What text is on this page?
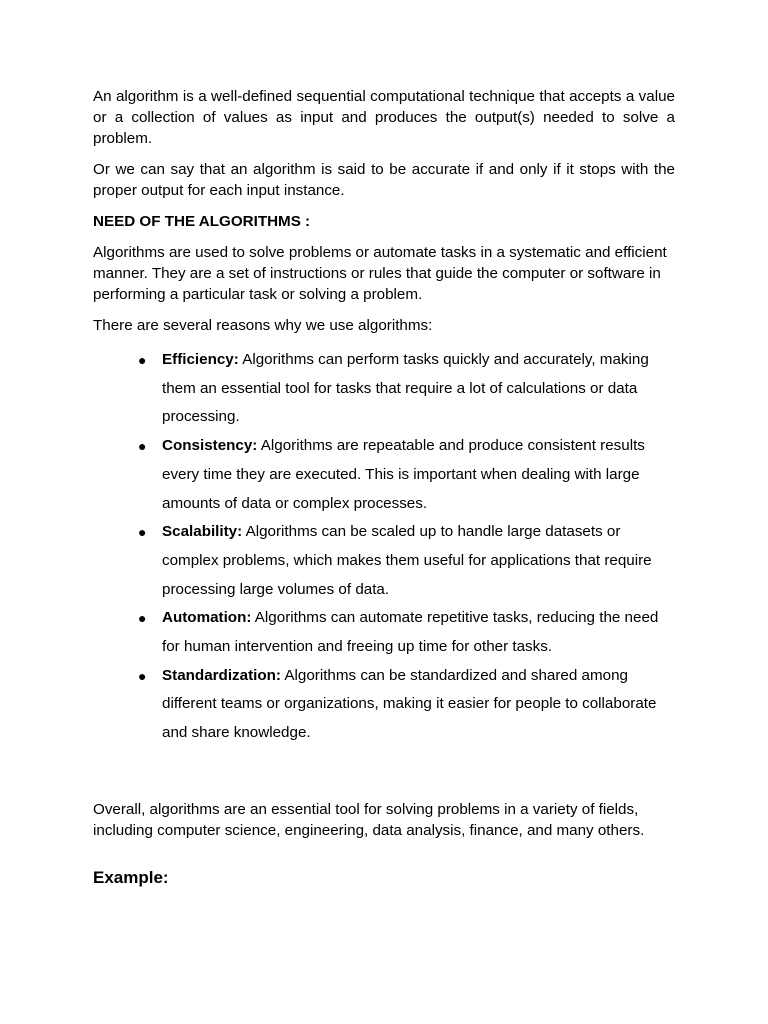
An algorithm is a well-defined sequential computational technique that accepts a value or a collection of values as input and produces the output(s) needed to solve a problem.

Or we can say that an algorithm is said to be accurate if and only if it stops with the proper output for each input instance.

NEED OF THE ALGORITHMS :

Algorithms are used to solve problems or automate tasks in a systematic and efficient manner. They are a set of instructions or rules that guide the computer or software in performing a particular task or solving a problem.

There are several reasons why we use algorithms:

● Efficiency: Algorithms can perform tasks quickly and accurately, making them an essential tool for tasks that require a lot of calculations or data processing.
● Consistency: Algorithms are repeatable and produce consistent results every time they are executed. This is important when dealing with large amounts of data or complex processes.
● Scalability: Algorithms can be scaled up to handle large datasets or complex problems, which makes them useful for applications that require processing large volumes of data.
● Automation: Algorithms can automate repetitive tasks, reducing the need for human intervention and freeing up time for other tasks.
● Standardization: Algorithms can be standardized and shared among different teams or organizations, making it easier for people to collaborate and share knowledge.

Overall, algorithms are an essential tool for solving problems in a variety of fields, including computer science, engineering, data analysis, finance, and many others.

Example:
